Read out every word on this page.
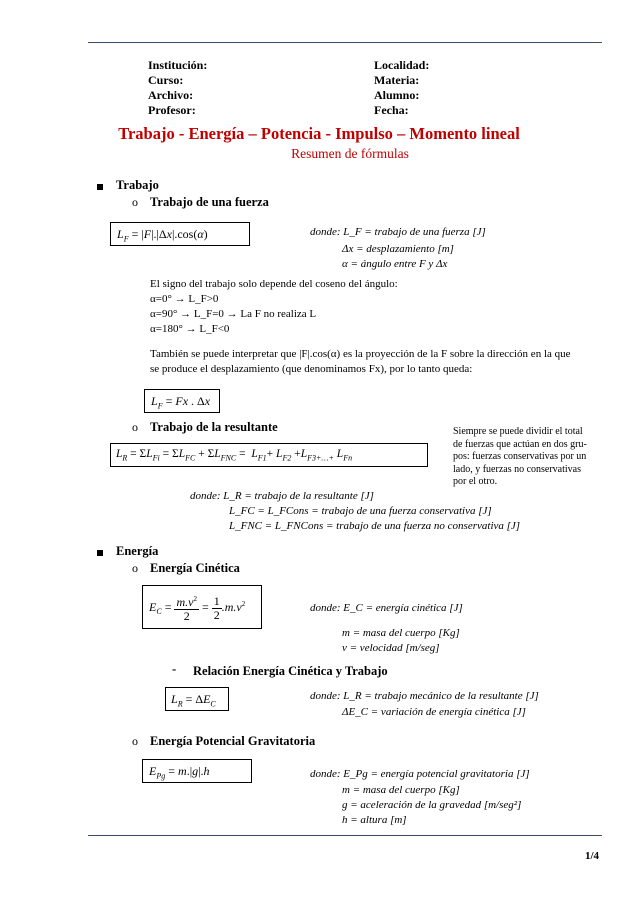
Institución:
Curso:
Archivo:
Profesor:
Localidad:
Materia:
Alumno:
Fecha:
Trabajo - Energía – Potencia - Impulso – Momento lineal
Resumen de fórmulas
Trabajo
o Trabajo de una fuerza
$L_F = |F|.|\Delta x|.\cos(\alpha)$	donde: L_F = trabajo de una fuerza [J]
Δx = desplazamiento [m]
α = ángulo entre F y Δx
El signo del trabajo solo depende del coseno del ángulo:
α=0° → L_F>0
α=90° → L_F=0 → La F no realiza L
α=180° → L_F<0
También se puede interpretar que |F|.cos(α) es la proyección de la F sobre la dirección en la que
se produce el desplazamiento (que denominamos Fx), por lo tanto queda:
$L_F = Fx$ . Δx
o Trabajo de la resultante
$L_R = \Sigma L_{Fi} = \Sigma L_{FC} + \Sigma L_{FNC} = L_{F1}+ L_{F2} +L_{F3+\dots+}$ $L_{Fn}$
Siempre se puede dividir el total
de fuerzas que actúan en dos gru-
pos: fuerzas conservativas por un
lado, y fuerzas no conservativas
por el otro.
donde: L_R = trabajo de la resultante [J]
L_FC = L_FCons = trabajo de una fuerza conservativa [J]
L_FNC = L_FNCons = trabajo de una fuerza no conservativa [J]
Energía
o Energía Cinética
$E_C = \frac{m.v^2}{2} = \frac{1}{2} .m.v^2$	donde: E_C = energía cinética [J]
m = masa del cuerpo [Kg]
v = velocidad [m/seg]
- Relación Energía Cinética y Trabajo
$L_R = \Delta E_C$
donde: L_R = trabajo mecánico de la resultante [J]
ΔE_C = variación de energía cinética [J]
o Energía Potencial Gravitatoria
$E_{Pg} = m.|g|.h$	donde: E_Pg = energía potencial gravitatoria [J]
m = masa del cuerpo [Kg]
g = aceleración de la gravedad [m/seg²]
h = altura [m]
1/4
